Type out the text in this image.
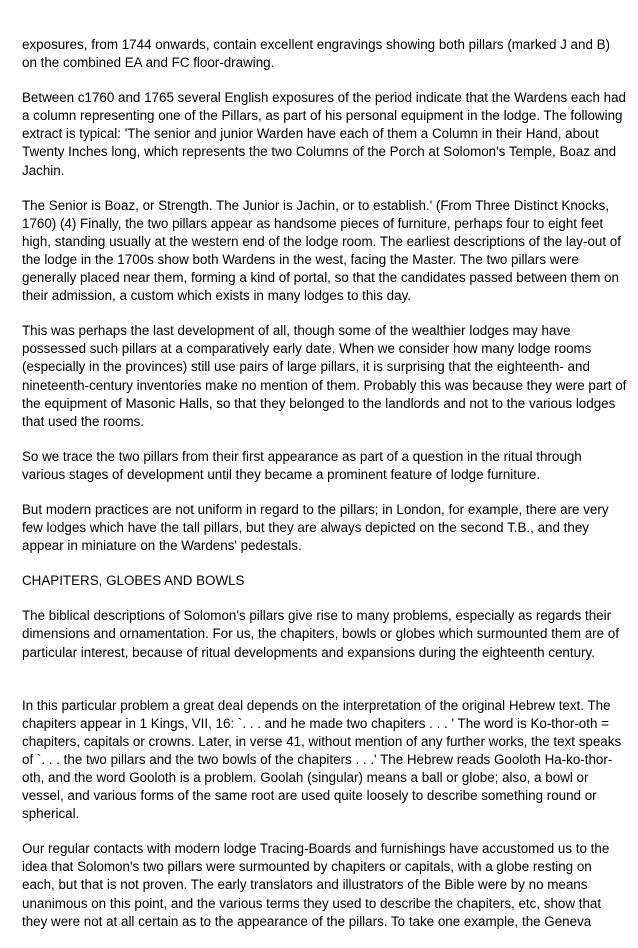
exposures, from 1744 onwards, contain excellent engravings showing both pillars (marked J and B) on the combined EA and FC floor-drawing.

Between c1760 and 1765 several English exposures of the period indicate that the Wardens each had a column representing one of the Pillars, as part of his personal equipment in the lodge. The following extract is typical: 'The senior and junior Warden have each of them a Column in their Hand, about Twenty Inches long, which represents the two Columns of the Porch at Solomon's Temple, Boaz and Jachin.

The Senior is Boaz, or Strength. The Junior is Jachin, or to establish.' (From Three Distinct Knocks, 1760) (4) Finally, the two pillars appear as handsome pieces of furniture, perhaps four to eight feet high, standing usually at the western end of the lodge room. The earliest descriptions of the lay-out of the lodge in the 1700s show both Wardens in the west, facing the Master. The two pillars were generally placed near them, forming a kind of portal, so that the candidates passed between them on their admission, a custom which exists in many lodges to this day.

This was perhaps the last development of all, though some of the wealthier lodges may have possessed such pillars at a comparatively early date. When we consider how many lodge rooms (especially in the provinces) still use pairs of large pillars, it is surprising that the eighteenth- and nineteenth-century inventories make no mention of them. Probably this was because they were part of the equipment of Masonic Halls, so that they belonged to the landlords and not to the various lodges that used the rooms.

So we trace the two pillars from their first appearance as part of a question in the ritual through various stages of development until they became a prominent feature of lodge furniture.

But modern practices are not uniform in regard to the pillars; in London, for example, there are very few lodges which have the tall pillars, but they are always depicted on the second T.B., and they appear in miniature on the Wardens' pedestals.

CHAPITERS, GLOBES AND BOWLS

The biblical descriptions of Solomon's pillars give rise to many problems, especially as regards their dimensions and ornamentation. For us, the chapiters, bowls or globes which surmounted them are of particular interest, because of ritual developments and expansions during the eighteenth century.

In this particular problem a great deal depends on the interpretation of the original Hebrew text. The chapiters appear in 1 Kings, VII, 16: `. . . and he made two chapiters . . . ' The word is Ko-thor-oth = chapiters, capitals or crowns. Later, in verse 41, without mention of any further works, the text speaks of `. . . the two pillars and the two bowls of the chapiters . . .' The Hebrew reads Gooloth Ha-ko-thor-oth, and the word Gooloth is a problem. Goolah (singular) means a ball or globe; also, a bowl or vessel, and various forms of the same root are used quite loosely to describe something round or spherical.

Our regular contacts with modern lodge Tracing-Boards and furnishings have accustomed us to the idea that Solomon's two pillars were surmounted by chapiters or capitals, with a globe resting on each, but that is not proven. The early translators and illustrators of the Bible were by no means unanimous on this point, and the various terms they used to describe the chapiters, etc, show that they were not at all certain as to the appearance of the pillars. To take one example, the Geneva
